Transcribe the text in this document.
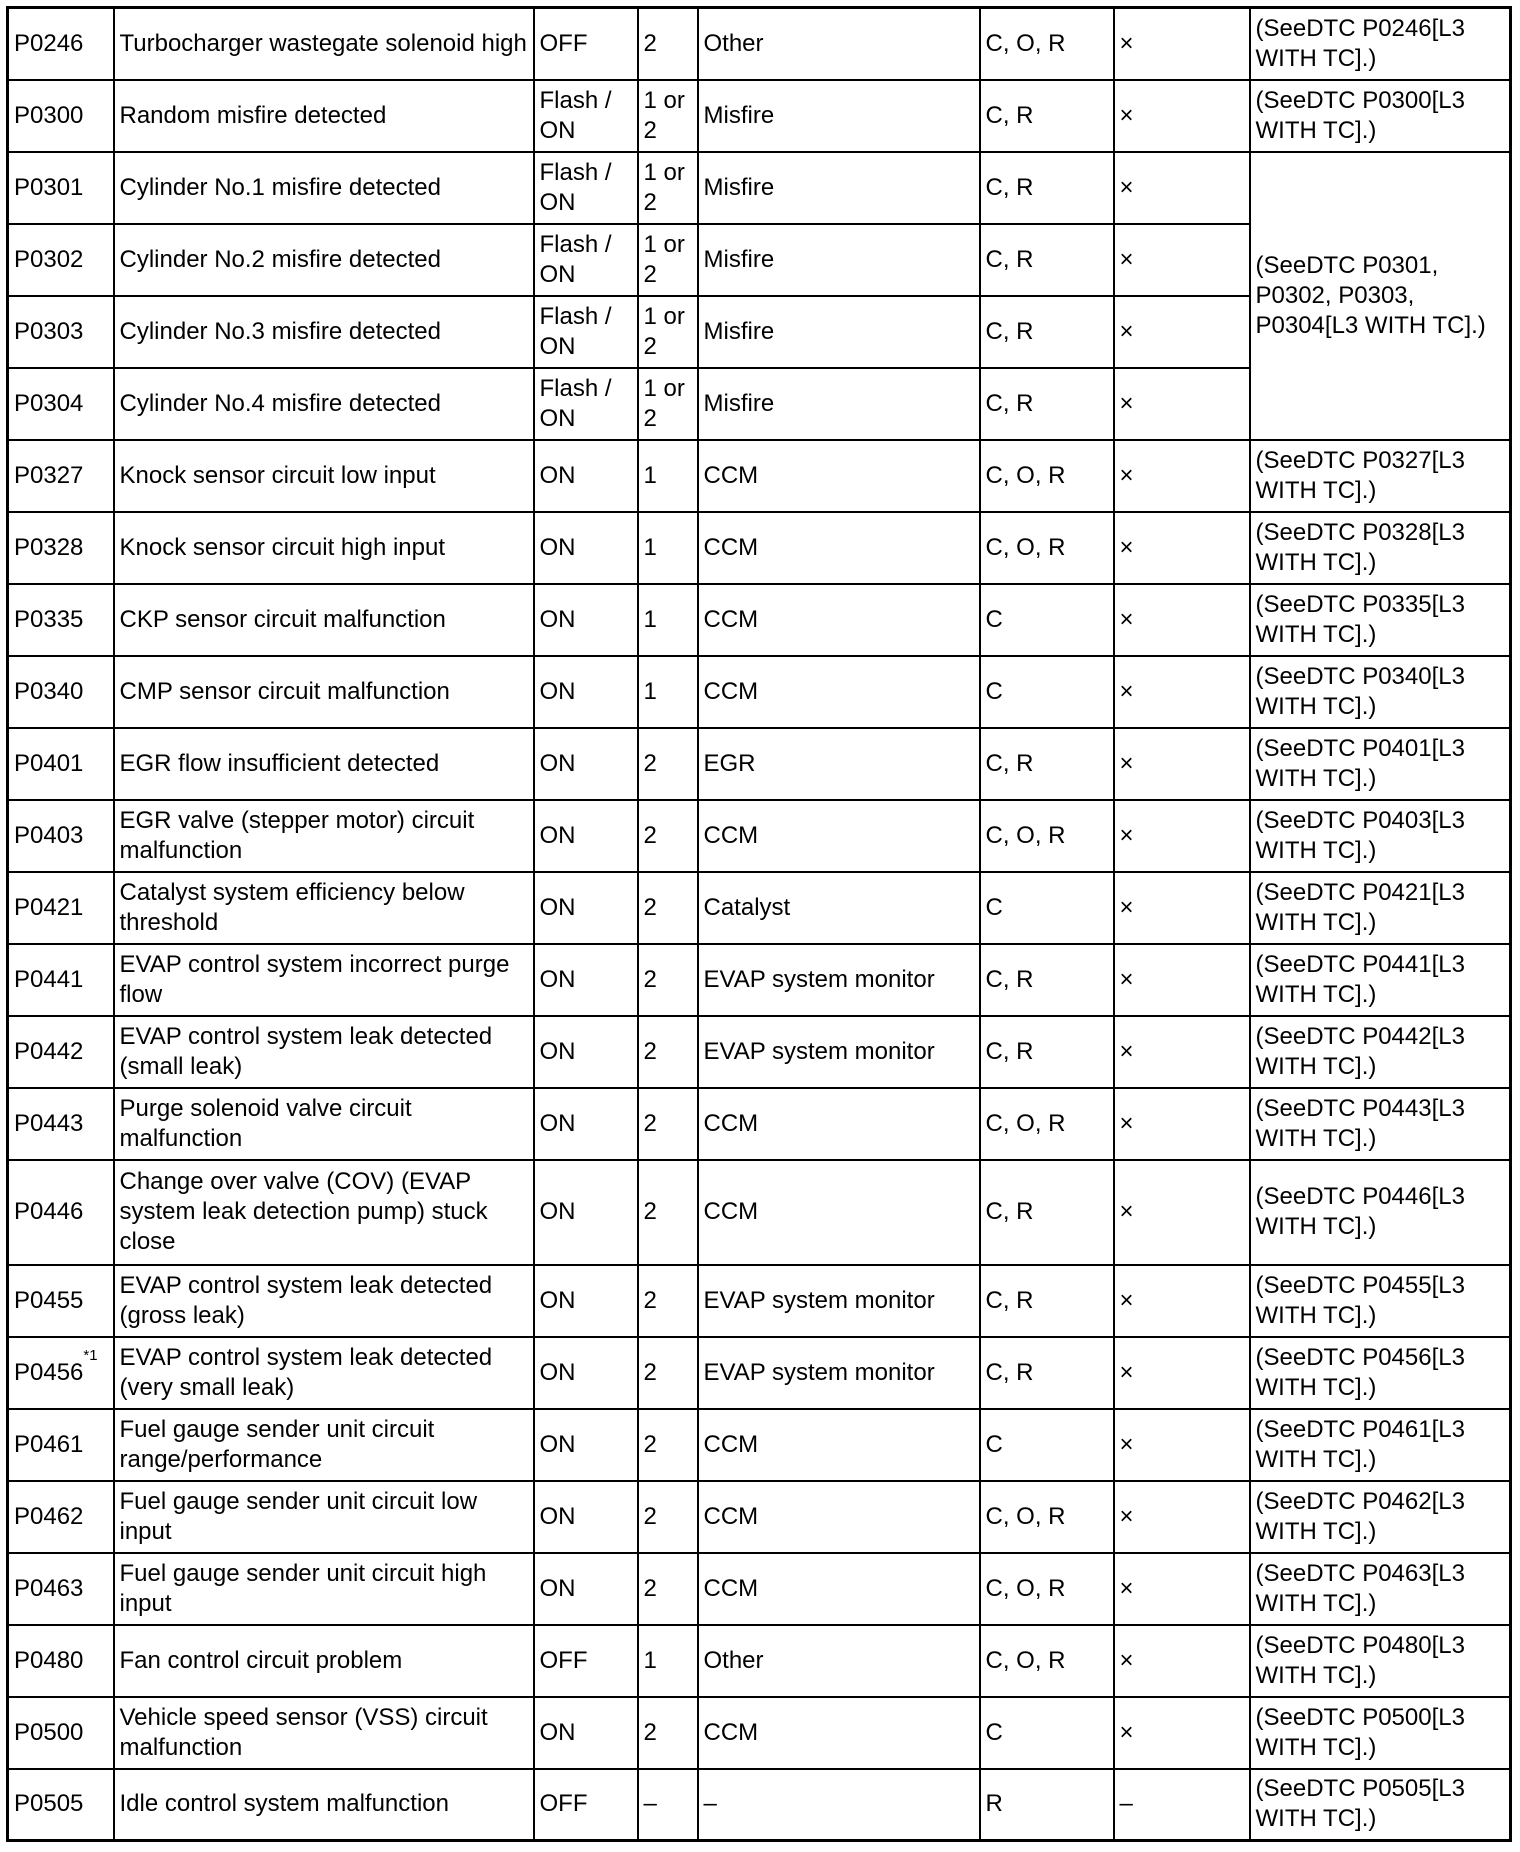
P0246	Turbocharger wastegate solenoid high	OFF	2	Other	C, O, R	×	(SeeDTC P0246[L3 WITH TC].)
P0300	Random misfire detected	Flash / ON	1 or 2	Misfire	C, R	×	(SeeDTC P0300[L3 WITH TC].)
P0301	Cylinder No.1 misfire detected	Flash / ON	1 or 2	Misfire	C, R	×	(SeeDTC P0301, P0302, P0303, P0304[L3 WITH TC].)
P0302	Cylinder No.2 misfire detected	Flash / ON	1 or 2	Misfire	C, R	×	
P0303	Cylinder No.3 misfire detected	Flash / ON	1 or 2	Misfire	C, R	×	
P0304	Cylinder No.4 misfire detected	Flash / ON	1 or 2	Misfire	C, R	×	
P0327	Knock sensor circuit low input	ON	1	CCM	C, O, R	×	(SeeDTC P0327[L3 WITH TC].)
P0328	Knock sensor circuit high input	ON	1	CCM	C, O, R	×	(SeeDTC P0328[L3 WITH TC].)
P0335	CKP sensor circuit malfunction	ON	1	CCM	C	×	(SeeDTC P0335[L3 WITH TC].)
P0340	CMP sensor circuit malfunction	ON	1	CCM	C	×	(SeeDTC P0340[L3 WITH TC].)
P0401	EGR flow insufficient detected	ON	2	EGR	C, R	×	(SeeDTC P0401[L3 WITH TC].)
P0403	EGR valve (stepper motor) circuit malfunction	ON	2	CCM	C, O, R	×	(SeeDTC P0403[L3 WITH TC].)
P0421	Catalyst system efficiency below threshold	ON	2	Catalyst	C	×	(SeeDTC P0421[L3 WITH TC].)
P0441	EVAP control system incorrect purge flow	ON	2	EVAP system monitor	C, R	×	(SeeDTC P0441[L3 WITH TC].)
P0442	EVAP control system leak detected (small leak)	ON	2	EVAP system monitor	C, R	×	(SeeDTC P0442[L3 WITH TC].)
P0443	Purge solenoid valve circuit malfunction	ON	2	CCM	C, O, R	×	(SeeDTC P0443[L3 WITH TC].)
P0446	Change over valve (COV) (EVAP system leak detection pump) stuck close	ON	2	CCM	C, R	×	(SeeDTC P0446[L3 WITH TC].)
P0455	EVAP control system leak detected (gross leak)	ON	2	EVAP system monitor	C, R	×	(SeeDTC P0455[L3 WITH TC].)
P0456$^{*1}$	EVAP control system leak detected (very small leak)	ON	2	EVAP system monitor	C, R	×	(SeeDTC P0456[L3 WITH TC].)
P0461	Fuel gauge sender unit circuit range/performance	ON	2	CCM	C	×	(SeeDTC P0461[L3 WITH TC].)
P0462	Fuel gauge sender unit circuit low input	ON	2	CCM	C, O, R	×	(SeeDTC P0462[L3 WITH TC].)
P0463	Fuel gauge sender unit circuit high input	ON	2	CCM	C, O, R	×	(SeeDTC P0463[L3 WITH TC].)
P0480	Fan control circuit problem	OFF	1	Other	C, O, R	×	(SeeDTC P0480[L3 WITH TC].)
P0500	Vehicle speed sensor (VSS) circuit malfunction	ON	2	CCM	C	×	(SeeDTC P0500[L3 WITH TC].)
P0505	Idle control system malfunction	OFF	–	–	R	–	(SeeDTC P0505[L3 WITH TC].)
